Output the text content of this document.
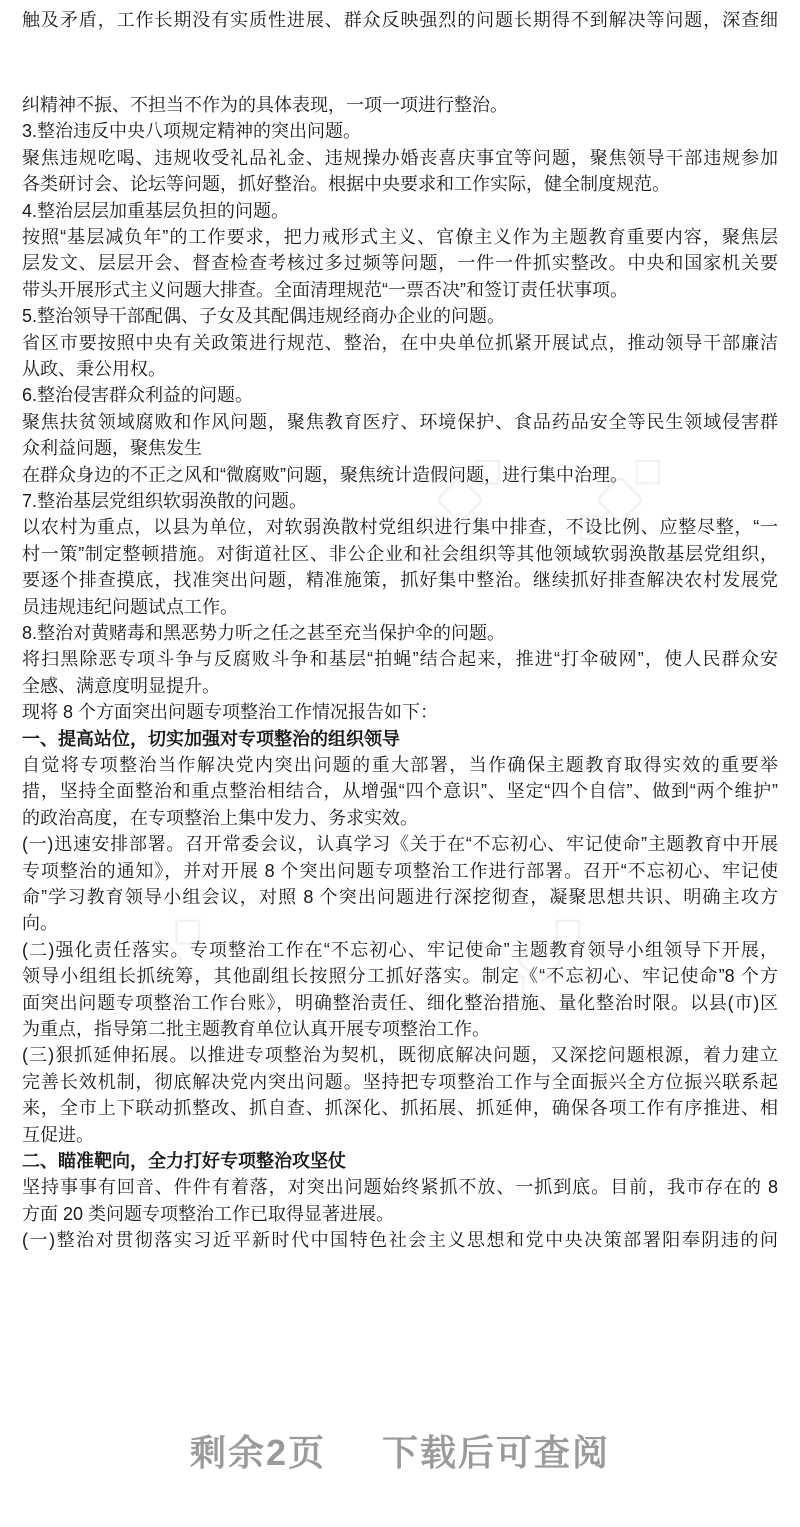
触及矛盾，工作长期没有实质性进展、群众反映强烈的问题长期得不到解决等问题，深查细
纠精神不振、不担当不作为的具体表现，一项一项进行整治。
3.整治违反中央八项规定精神的突出问题。
聚焦违规吃喝、违规收受礼品礼金、违规操办婚丧喜庆事宜等问题，聚焦领导干部违规参加
各类研讨会、论坛等问题，抓好整治。根据中央要求和工作实际，健全制度规范。
4.整治层层加重基层负担的问题。
按照“基层减负年”的工作要求，把力戒形式主义、官僚主义作为主题教育重要内容，聚焦层
层发文、层层开会、督查检查考核过多过频等问题，一件一件抓实整改。中央和国家机关要
带头开展形式主义问题大排查。全面清理规范“一票否决”和签订责任状事项。
5.整治领导干部配偶、子女及其配偶违规经商办企业的问题。
省区市要按照中央有关政策进行规范、整治，在中央单位抓紧开展试点，推动领导干部廉洁
从政、秉公用权。
6.整治侵害群众利益的问题。
聚焦扶贫领域腐败和作风问题，聚焦教育医疗、环境保护、食品药品安全等民生领域侵害群
众利益问题，聚焦发生
在群众身边的不正之风和“微腐败”问题，聚焦统计造假问题，进行集中治理。
7.整治基层党组织软弱涣散的问题。
以农村为重点，以县为单位，对软弱涣散村党组织进行集中排查，不设比例、应整尽整，“一
村一策”制定整顿措施。对街道社区、非公企业和社会组织等其他领域软弱涣散基层党组织，
要逐个排查摸底，找准突出问题，精准施策，抓好集中整治。继续抓好排查解决农村发展党
员违规违纪问题试点工作。
8.整治对黄赌毒和黑恶势力听之任之甚至充当保护伞的问题。
将扫黑除恶专项斗争与反腐败斗争和基层“拍蝇”结合起来，推进“打伞破网”，使人民群众安
全感、满意度明显提升。
现将 8 个方面突出问题专项整治工作情况报告如下：
一、提高站位，切实加强对专项整治的组织领导
自觉将专项整治当作解决党内突出问题的重大部署，当作确保主题教育取得实效的重要举
措，坚持全面整治和重点整治相结合，从增强“四个意识”、坚定“四个自信”、做到“两个维护”
的政治高度，在专项整治上集中发力、务求实效。
(一)迅速安排部署。召开常委会议，认真学习《关于在“不忘初心、牢记使命”主题教育中开展
专项整治的通知》，并对开展 8 个突出问题专项整治工作进行部署。召开“不忘初心、牢记使
命”学习教育领导小组会议，对照 8 个突出问题进行深挖彻查，凝聚思想共识、明确主攻方
向。
(二)强化责任落实。专项整治工作在“不忘初心、牢记使命”主题教育领导小组领导下开展，
领导小组组长抓统筹，其他副组长按照分工抓好落实。制定《“不忘初心、牢记使命”8 个方
面突出问题专项整治工作台账》，明确整治责任、细化整治措施、量化整治时限。以县(市)区
为重点，指导第二批主题教育单位认真开展专项整治工作。
(三)狠抓延伸拓展。以推进专项整治为契机，既彻底解决问题，又深挖问题根源，着力建立
完善长效机制，彻底解决党内突出问题。坚持把专项整治工作与全面振兴全方位振兴联系起
来，全市上下联动抓整改、抓自查、抓深化、抓拓展、抓延伸，确保各项工作有序推进、相
互促进。
二、瞄准靶向，全力打好专项整治攻坚仗
坚持事事有回音、件件有着落，对突出问题始终紧抓不放、一抓到底。目前，我市存在的 8
方面 20 类问题专项整治工作已取得显著进展。
(一)整治对贯彻落实习近平新时代中国特色社会主义思想和党中央决策部署阳奉阴违的问
◇▢◇ ◇▢◇
◇▢◇	◇▢◇
剩余2页 下载后可查阅
